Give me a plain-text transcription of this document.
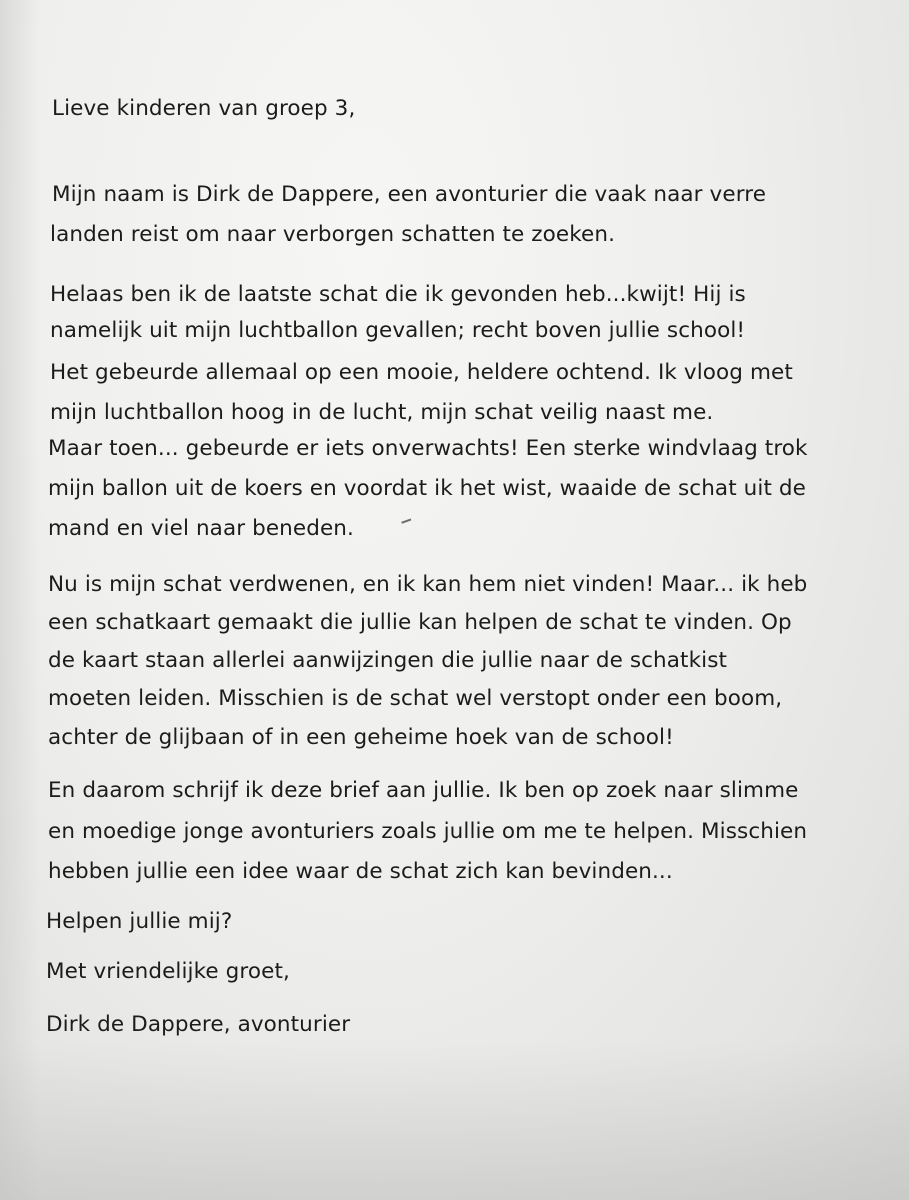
Lieve kinderen van groep 3,
Mijn naam is Dirk de Dappere, een avonturier die vaak naar verre
landen reist om naar verborgen schatten te zoeken.
Helaas ben ik de laatste schat die ik gevonden heb...kwijt! Hij is
namelijk uit mijn luchtballon gevallen; recht boven jullie school!
Het gebeurde allemaal op een mooie, heldere ochtend. Ik vloog met
mijn luchtballon hoog in de lucht, mijn schat veilig naast me.
Maar toen... gebeurde er iets onverwachts! Een sterke windvlaag trok
mijn ballon uit de koers en voordat ik het wist, waaide de schat uit de
mand en viel naar beneden.
Nu is mijn schat verdwenen, en ik kan hem niet vinden! Maar... ik heb
een schatkaart gemaakt die jullie kan helpen de schat te vinden. Op
de kaart staan allerlei aanwijzingen die jullie naar de schatkist
moeten leiden. Misschien is de schat wel verstopt onder een boom,
achter de glijbaan of in een geheime hoek van de school!
En daarom schrijf ik deze brief aan jullie. Ik ben op zoek naar slimme
en moedige jonge avonturiers zoals jullie om me te helpen. Misschien
hebben jullie een idee waar de schat zich kan bevinden...
Helpen jullie mij?
Met vriendelijke groet,
Dirk de Dappere, avonturier
